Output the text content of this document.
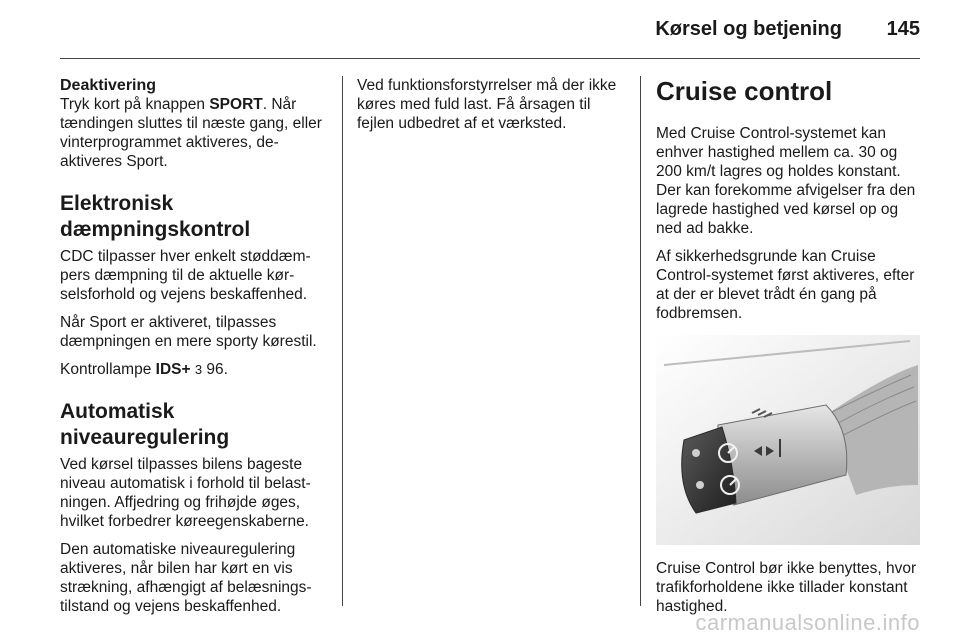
Kørsel og betjening 145
Deaktivering

Tryk kort på knappen SPORT. Når tændingen sluttes til næste gang, eller vinterprogrammet aktiveres, deaktiveres Sport.

Elektronisk
dæmpningskontrol

CDC tilpasser hver enkelt støddæmpers dæmpning til de aktuelle kørselsforhold og vejens beskaffenhed.

Når Sport er aktiveret, tilpasses dæmpningen en mere sporty kørestil.

Kontrollampe IDS+ 3 96.

Automatisk
niveauregulering

Ved kørsel tilpasses bilens bageste niveau automatisk i forhold til belastningen. Affjedring og frihøjde øges, hvilket forbedrer køreegenskaberne.

Den automatiske niveauregulering aktiveres, når bilen har kørt en vis strækning, afhængigt af belæsningstilstand og vejens beskaffenhed.

Ved funktionsforstyrrelser må der ikke køres med fuld last. Få årsagen til fejlen udbedret af et værksted.

Cruise control

Med Cruise Control-systemet kan enhver hastighed mellem ca. 30 og 200 km/t lagres og holdes konstant. Der kan forekomme afvigelser fra den lagrede hastighed ved kørsel op og ned ad bakke.

Af sikkerhedsgrunde kan Cruise Control-systemet først aktiveres, efter at der er blevet trådt én gang på fodbremsen.

Cruise Control bør ikke benyttes, hvor trafikforholdene ikke tillader konstant hastighed.

carmanualsonline.info
